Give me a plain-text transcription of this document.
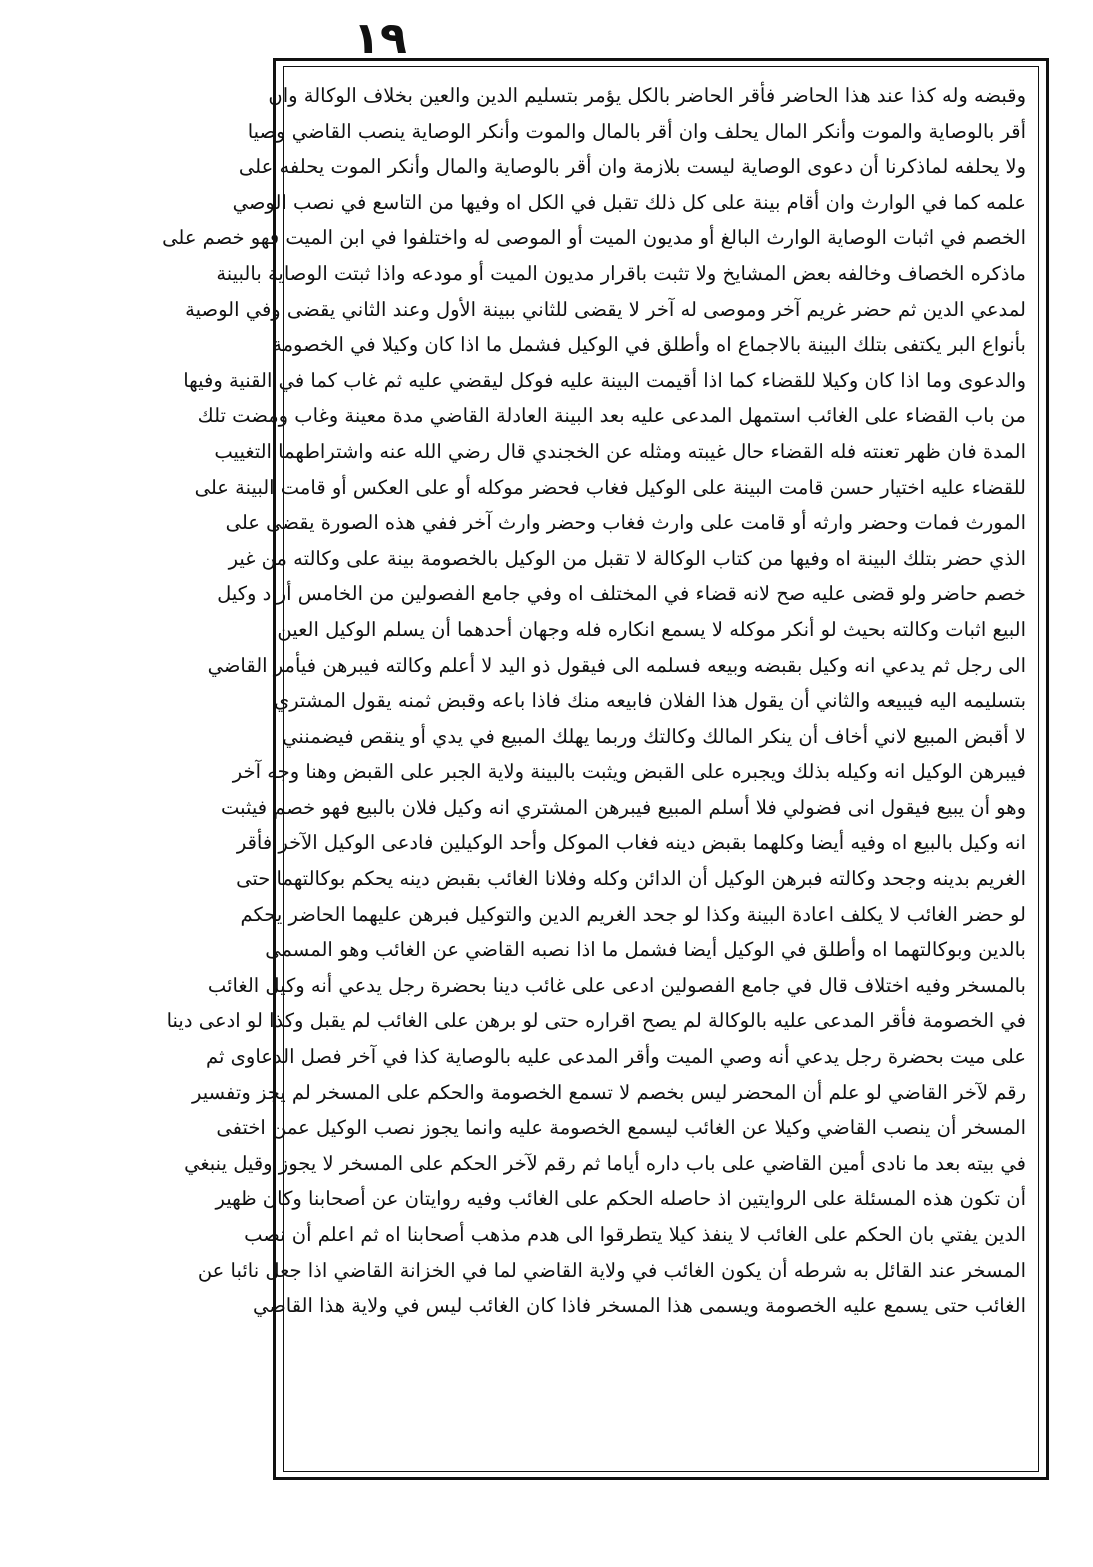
١٩
وقبضه وله كذا عند هذا الحاضر فأقر الحاضر بالكل يؤمر بتسليم الدين والعين بخلاف الوكالة وان
أقر بالوصاية والموت وأنكر المال يحلف وان أقر بالمال والموت وأنكر الوصاية ينصب القاضي وصيا
ولا يحلفه لماذكرنا أن دعوى الوصاية ليست بلازمة وان أقر بالوصاية والمال وأنكر الموت يحلفه على
علمه كما في الوارث وان أقام بينة على كل ذلك تقبل في الكل اه وفيها من التاسع في نصب الوصي
الخصم في اثبات الوصاية الوارث البالغ أو مديون الميت أو الموصى له واختلفوا في ابن الميت فهو خصم على
ماذكره الخصاف وخالفه بعض المشايخ ولا تثبت باقرار مديون الميت أو مودعه واذا ثبتت الوصاية بالبينة
لمدعي الدين ثم حضر غريم آخر وموصى له آخر لا يقضى للثاني ببينة الأول وعند الثاني يقضى وفي الوصية
بأنواع البر يكتفى بتلك البينة بالاجماع اه وأطلق في الوكيل فشمل ما اذا كان وكيلا في الخصومة
والدعوى وما اذا كان وكيلا للقضاء كما اذا أقيمت البينة عليه فوكل ليقضي عليه ثم غاب كما في القنية وفيها
من باب القضاء على الغائب استمهل المدعى عليه بعد البينة العادلة القاضي مدة معينة وغاب ومضت تلك
المدة فان ظهر تعنته فله القضاء حال غيبته ومثله عن الخجندي قال رضي الله عنه واشتراطهما التغييب
للقضاء عليه اختيار حسن قامت البينة على الوكيل فغاب فحضر موكله أو على العكس أو قامت البينة على
المورث فمات وحضر وارثه أو قامت على وارث فغاب وحضر وارث آخر ففي هذه الصورة يقضى على
الذي حضر بتلك البينة اه وفيها من كتاب الوكالة لا تقبل من الوكيل بالخصومة بينة على وكالته من غير
خصم حاضر ولو قضى عليه صح لانه قضاء في المختلف اه وفي جامع الفصولين من الخامس أراد وكيل
البيع اثبات وكالته بحيث لو أنكر موكله لا يسمع انكاره فله وجهان أحدهما أن يسلم الوكيل العين
الى رجل ثم يدعي انه وكيل بقبضه وبيعه فسلمه الى فيقول ذو اليد لا أعلم وكالته فيبرهن فيأمر القاضي
بتسليمه اليه فيبيعه والثاني أن يقول هذا الفلان فابيعه منك فاذا باعه وقبض ثمنه يقول المشتري
لا أقبض المبيع لاني أخاف أن ينكر المالك وكالتك وربما يهلك المبيع في يدي أو ينقص فيضمنني
فيبرهن الوكيل انه وكيله بذلك ويجبره على القبض ويثبت بالبينة ولاية الجبر على القبض وهنا وجه آخر
وهو أن يبيع فيقول انى فضولي فلا أسلم المبيع فيبرهن المشتري انه وكيل فلان بالبيع فهو خصم فيثبت
انه وكيل بالبيع اه وفيه أيضا وكلهما بقبض دينه فغاب الموكل وأحد الوكيلين فادعى الوكيل الآخر فأقر
الغريم بدينه وجحد وكالته فبرهن الوكيل أن الدائن وكله وفلانا الغائب بقبض دينه يحكم بوكالتهما حتى
لو حضر الغائب لا يكلف اعادة البينة وكذا لو جحد الغريم الدين والتوكيل فبرهن عليهما الحاضر يحكم
بالدين وبوكالتهما اه وأطلق في الوكيل أيضا فشمل ما اذا نصبه القاضي عن الغائب وهو المسمى
بالمسخر وفيه اختلاف قال في جامع الفصولين ادعى على غائب دينا بحضرة رجل يدعي أنه وكيل الغائب
في الخصومة فأقر المدعى عليه بالوكالة لم يصح اقراره حتى لو برهن على الغائب لم يقبل وكذا لو ادعى دينا
على ميت بحضرة رجل يدعي أنه وصي الميت وأقر المدعى عليه بالوصاية كذا في آخر فصل الدعاوى ثم
رقم لآخر القاضي لو علم أن المحضر ليس بخصم لا تسمع الخصومة والحكم على المسخر لم يجز وتفسير
المسخر أن ينصب القاضي وكيلا عن الغائب ليسمع الخصومة عليه وانما يجوز نصب الوكيل عمن اختفى
في بيته بعد ما نادى أمين القاضي على باب داره أياما ثم رقم لآخر الحكم على المسخر لا يجوز وقيل ينبغي
أن تكون هذه المسئلة على الروايتين اذ حاصله الحكم على الغائب وفيه روايتان عن أصحابنا وكان ظهير
الدين يفتي بان الحكم على الغائب لا ينفذ كيلا يتطرقوا الى هدم مذهب أصحابنا اه ثم اعلم أن نصب
المسخر عند القائل به شرطه أن يكون الغائب في ولاية القاضي لما في الخزانة القاضي اذا جعل نائبا عن
الغائب حتى يسمع عليه الخصومة ويسمى هذا المسخر فاذا كان الغائب ليس في ولاية هذا القاضي
